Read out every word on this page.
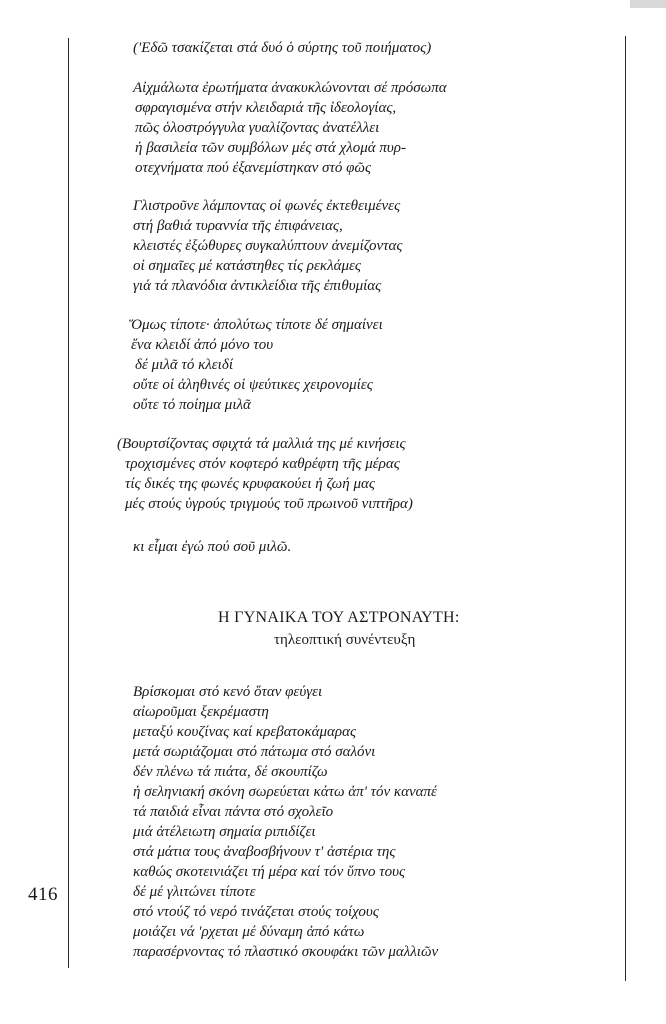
416
('Εδῶ τσακίζεται στά δυό ὁ σύρτης τοῦ ποιήματος)
Αἰχμάλωτα ἐρωτήματα ἀνακυκλώνονται σέ πρόσωπα
σφραγισμένα στήν κλειδαριά τῆς ἰδεολογίας,
πῶς ὁλοστρόγγυλα γυαλίζοντας ἀνατέλλει
ἡ βασιλεία τῶν συμβόλων μές στά χλομά πυρ-
οτεχνήματα πού ἐξανεμίστηκαν στό φῶς
Γλιστροῦνε λάμποντας οἱ φωνές ἐκτεθειμένες
στή βαθιά τυραννία τῆς ἐπιφάνειας,
κλειστές ἐξώθυρες συγκαλύπτουν ἀνεμίζοντας
οἱ σημαῖες μέ κατάστηθες τίς ρεκλάμες
γιά τά πλανόδια ἀντικλείδια τῆς ἐπιθυμίας
Ὅμως τίποτε· ἀπολύτως τίποτε δέ σημαίνει
ἕνα κλειδί ἀπό μόνο του
δέ μιλᾶ τό κλειδί
οὔτε οἱ ἀληθινές οἱ ψεύτικες χειρονομίες
οὔτε τό ποίημα μιλᾶ
(Βουρτσίζοντας σφιχτά τά μαλλιά της μέ κινήσεις
τροχισμένες στόν κοφτερό καθρέφτη τῆς μέρας
τίς δικές της φωνές κρυφακούει ἡ ζωή μας
μές στούς ὑγρούς τριγμούς τοῦ πρωινοῦ νιπτῆρα)
κι εἶμαι ἐγώ πού σοῦ μιλῶ.
Η ΓΥΝΑΙΚΑ ΤΟΥ ΑΣΤΡΟΝΑΥΤΗ:
τηλεοπτική συνέντευξη
Βρίσκομαι στό κενό ὅταν φεύγει
αἰωροῦμαι ξεκρέμαστη
μεταξύ κουζίνας καί κρεβατοκάμαρας
μετά σωριάζομαι στό πάτωμα στό σαλόνι
δέν πλένω τά πιάτα, δέ σκουπίζω
ἡ σεληνιακή σκόνη σωρεύεται κάτω ἀπ' τόν καναπέ
τά παιδιά εἶναι πάντα στό σχολεῖο
μιά ἀτέλειωτη σημαία ριπιδίζει
στά μάτια τους ἀναβοσβήνουν τ' ἀστέρια της
καθώς σκοτεινιάζει τή μέρα καί τόν ὕπνο τους
δέ μέ γλιτώνει τίποτε
στό ντούζ τό νερό τινάζεται στούς τοίχους
μοιάζει νά 'ρχεται μέ δύναμη ἀπό κάτω
παρασέρνοντας τό πλαστικό σκουφάκι τῶν μαλλιῶν
